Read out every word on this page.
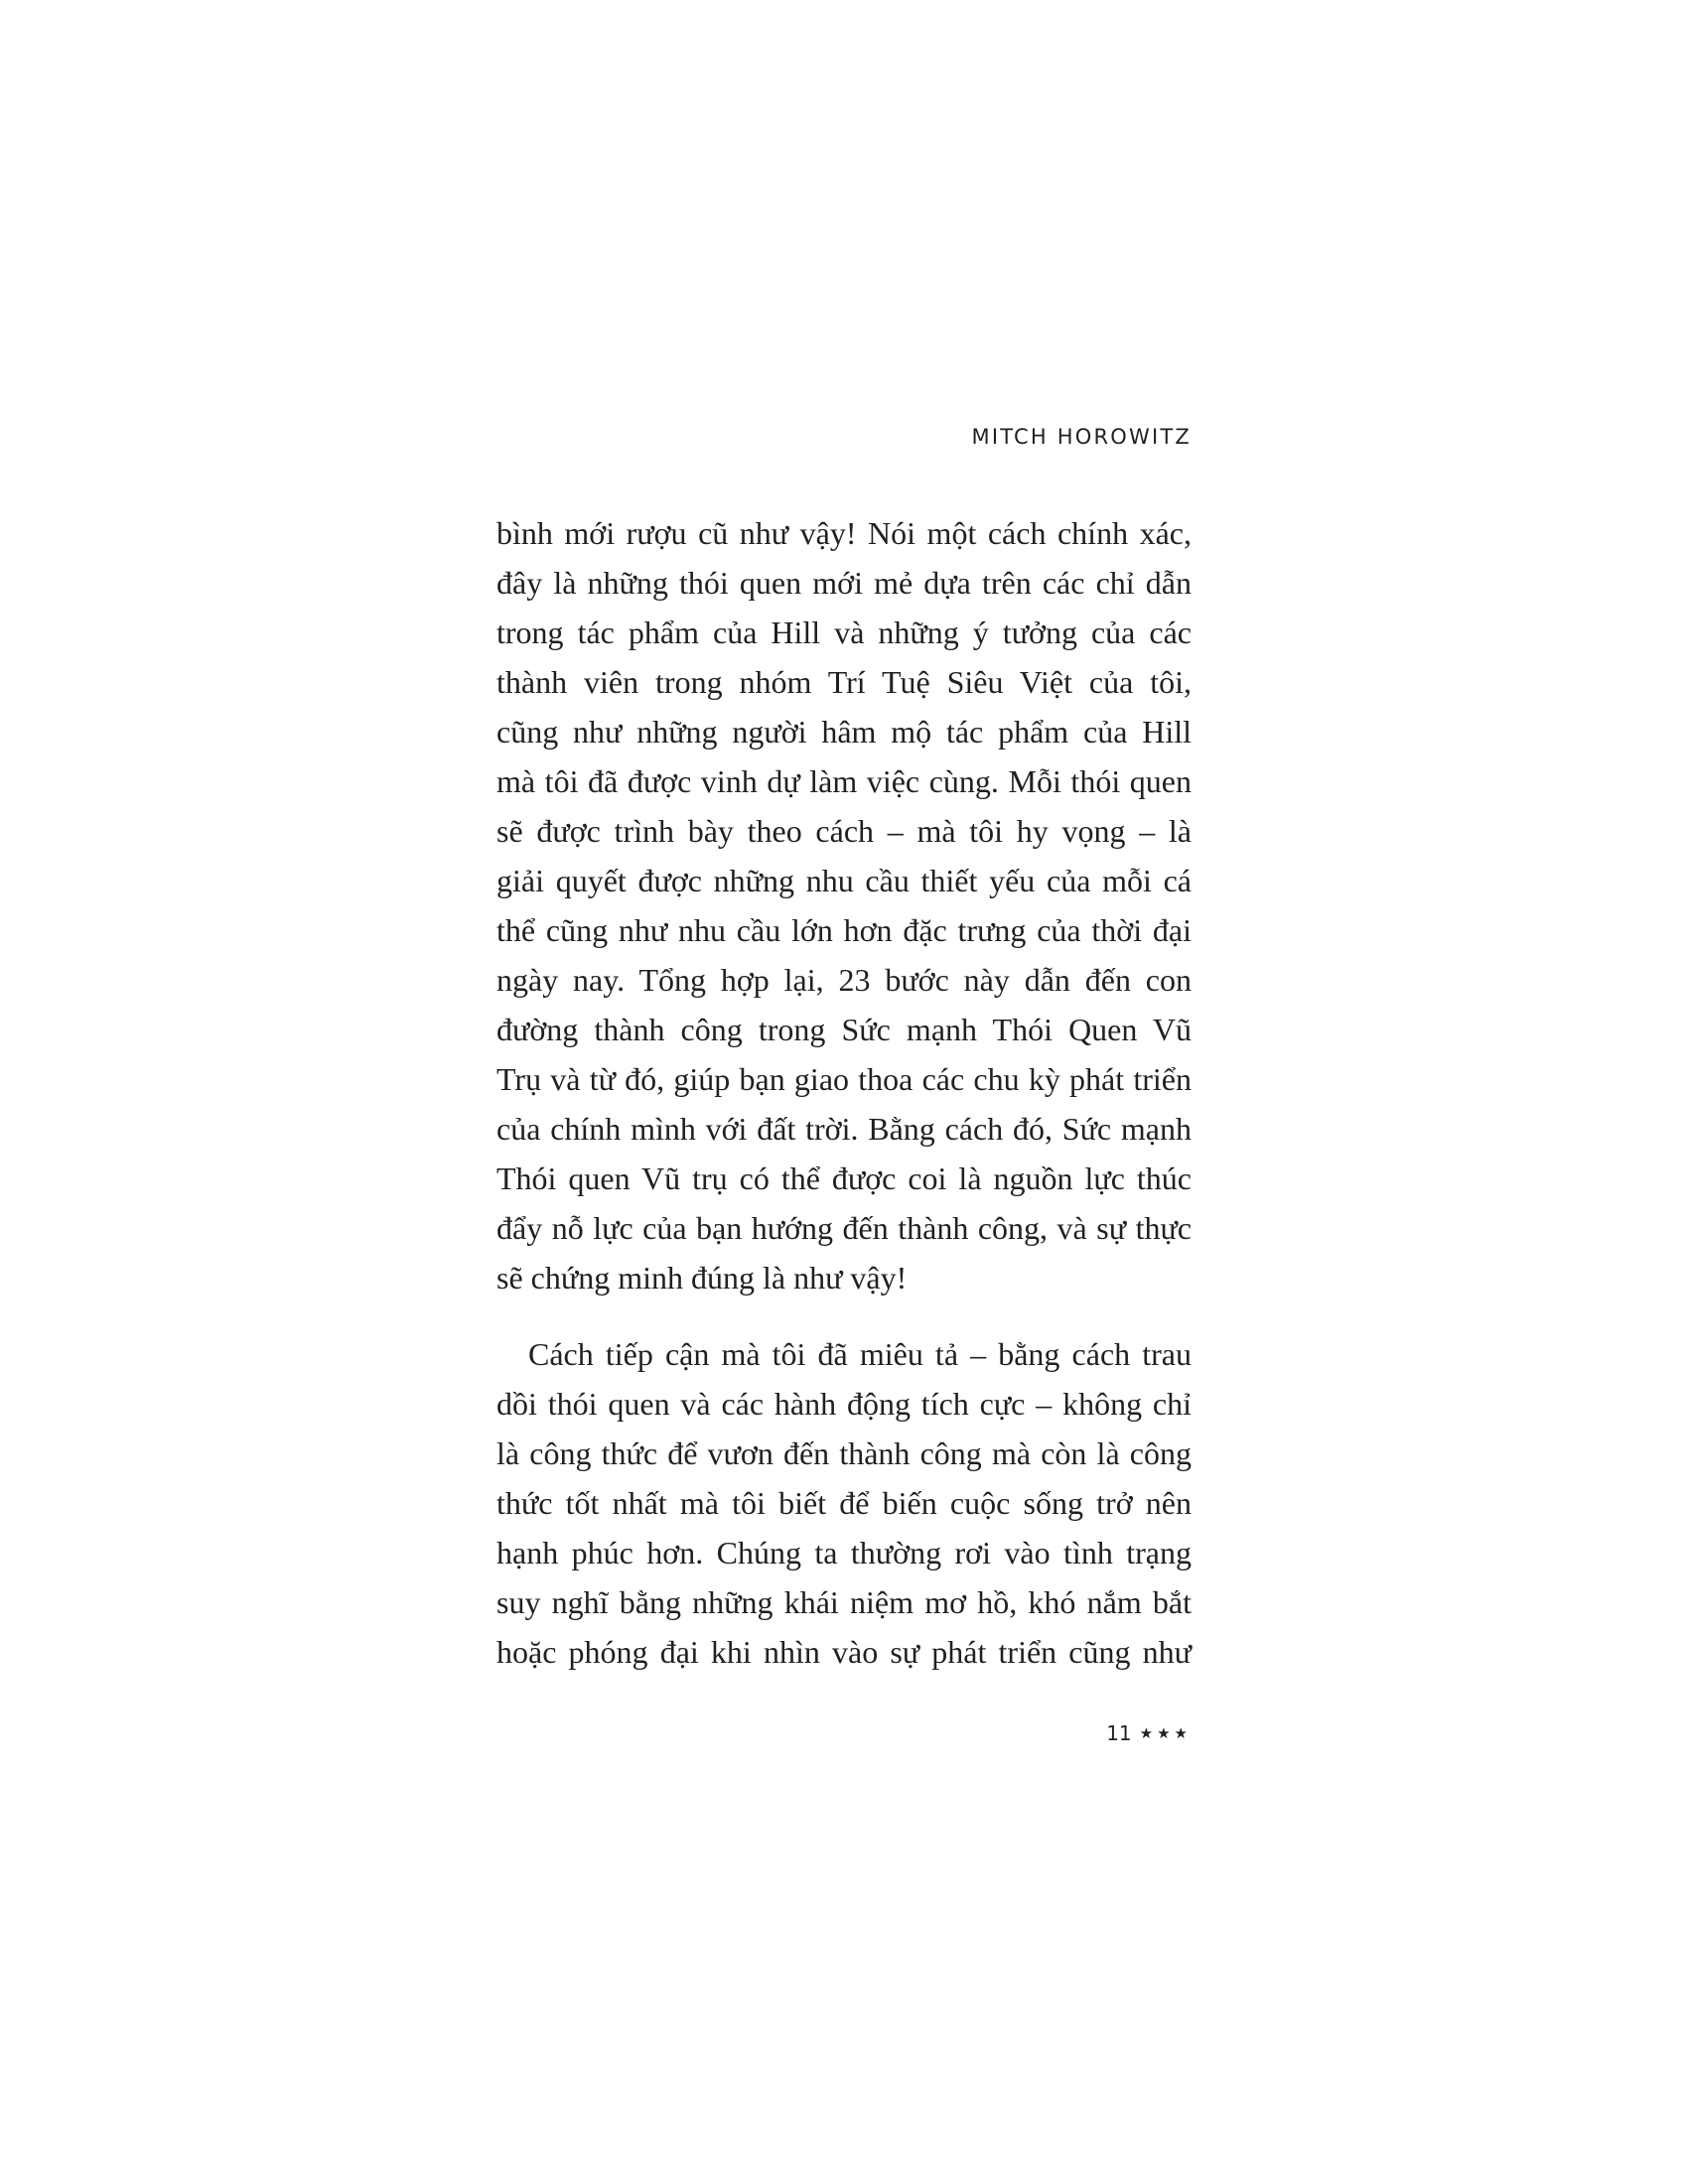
MITCH HOROWITZ
bình mới rượu cũ như vậy! Nói một cách chính xác,
đây là những thói quen mới mẻ dựa trên các chỉ dẫn
trong tác phẩm của Hill và những ý tưởng của các
thành viên trong nhóm Trí Tuệ Siêu Việt của tôi,
cũng như những người hâm mộ tác phẩm của Hill
mà tôi đã được vinh dự làm việc cùng. Mỗi thói quen
sẽ được trình bày theo cách – mà tôi hy vọng – là
giải quyết được những nhu cầu thiết yếu của mỗi cá
thể cũng như nhu cầu lớn hơn đặc trưng của thời đại
ngày nay. Tổng hợp lại, 23 bước này dẫn đến con
đường thành công trong Sức mạnh Thói Quen Vũ
Trụ và từ đó, giúp bạn giao thoa các chu kỳ phát triển
của chính mình với đất trời. Bằng cách đó, Sức mạnh
Thói quen Vũ trụ có thể được coi là nguồn lực thúc
đẩy nỗ lực của bạn hướng đến thành công, và sự thực
sẽ chứng minh đúng là như vậy!
Cách tiếp cận mà tôi đã miêu tả – bằng cách trau
dồi thói quen và các hành động tích cực – không chỉ
là công thức để vươn đến thành công mà còn là công
thức tốt nhất mà tôi biết để biến cuộc sống trở nên
hạnh phúc hơn. Chúng ta thường rơi vào tình trạng
suy nghĩ bằng những khái niệm mơ hồ, khó nắm bắt
hoặc phóng đại khi nhìn vào sự phát triển cũng như
11 ★★★
